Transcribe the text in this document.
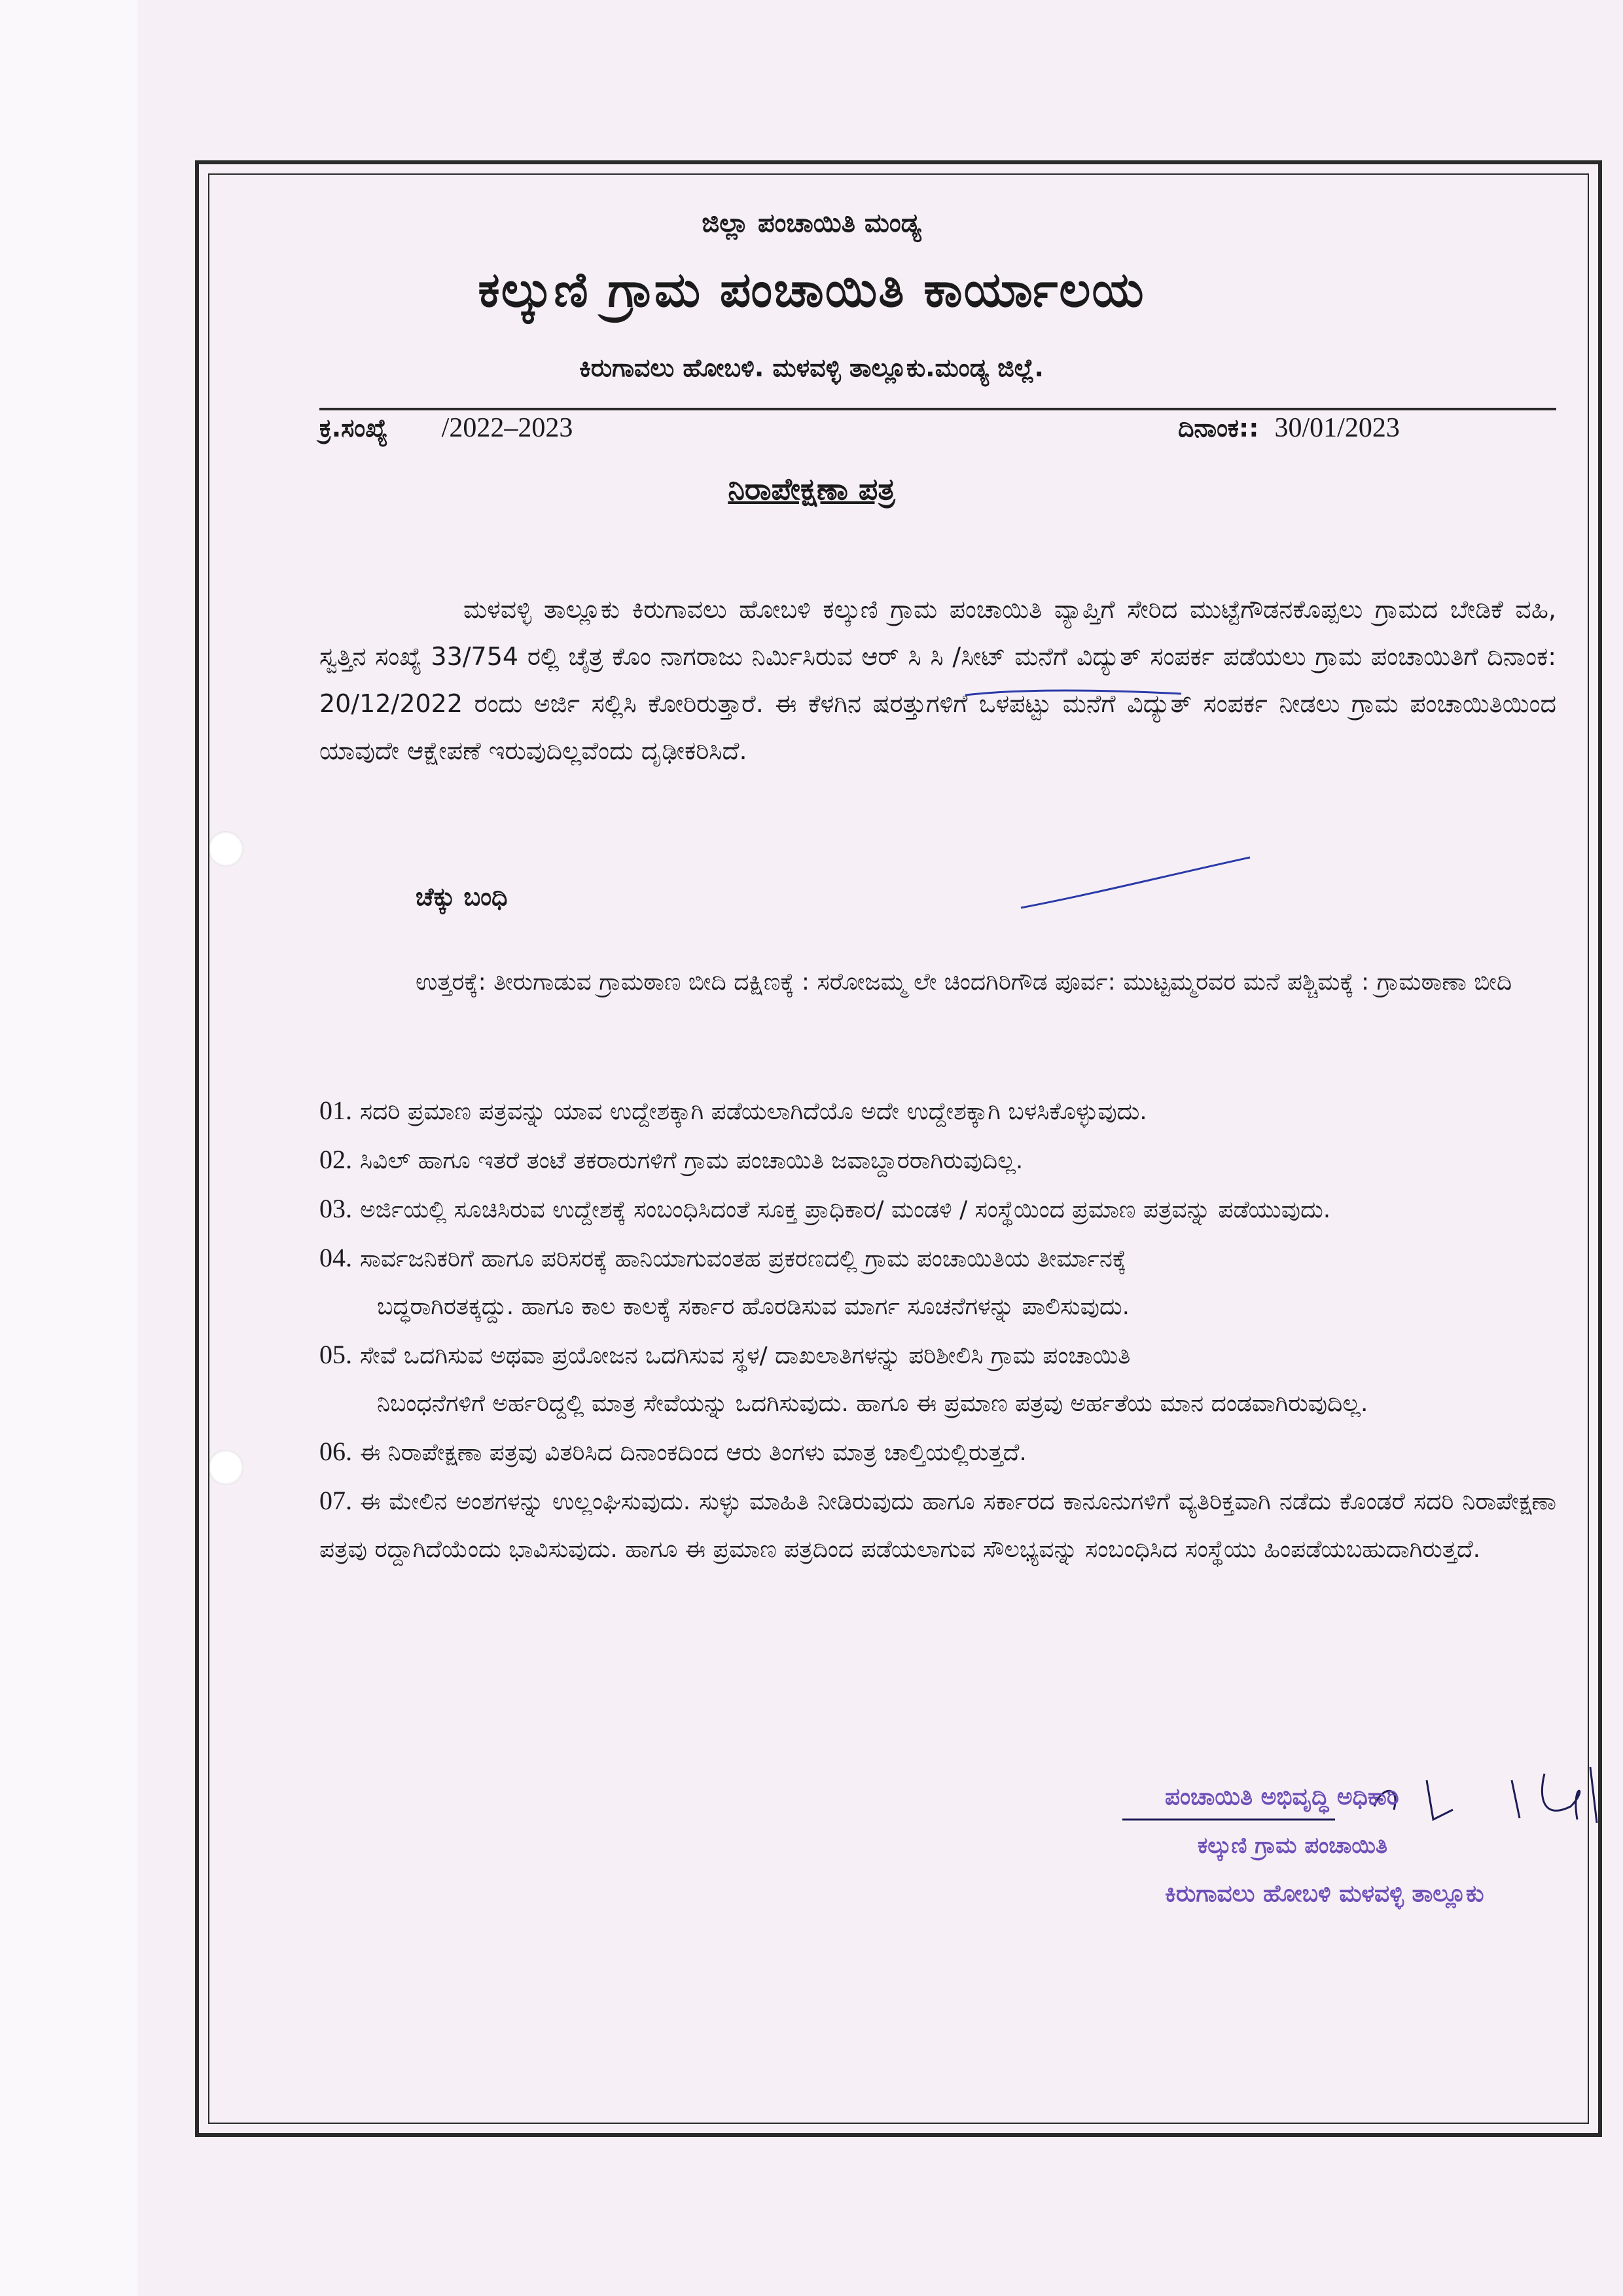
ಜಿಲ್ಲಾ ಪಂಚಾಯಿತಿ ಮಂಡ್ಯ
ಕಲ್ಕುಣಿ ಗ್ರಾಮ ಪಂಚಾಯಿತಿ ಕಾರ್ಯಾಲಯ
ಕಿರುಗಾವಲು ಹೋಬಳಿ. ಮಳವಳ್ಳಿ ತಾಲ್ಲೂಕು.ಮಂಡ್ಯ ಜಿಲ್ಲೆ.
ಕ್ರ.ಸಂಖ್ಯೆ /2022–2023	ದಿನಾಂಕ:: 30/01/2023
ನಿರಾಪೇಕ್ಷಣಾ ಪತ್ರ

ಮಳವಳ್ಳಿ ತಾಲ್ಲೂಕು ಕಿರುಗಾವಲು ಹೋಬಳಿ ಕಲ್ಕುಣಿ ಗ್ರಾಮ ಪಂಚಾಯಿತಿ ವ್ಯಾಪ್ತಿಗೆ ಸೇರಿದ ಮುಟ್ಟೆಗೌಡನಕೊಪ್ಪಲು ಗ್ರಾಮದ ಬೇಡಿಕೆ ವಹಿ, ಸ್ವತ್ತಿನ ಸಂಖ್ಯೆ 33/754 ರಲ್ಲಿ ಚೈತ್ರ ಕೊಂ ನಾಗರಾಜು ನಿರ್ಮಿಸಿರುವ ಆರ್ ಸಿ ಸಿ /ಸೀಟ್ ಮನೆಗೆ ವಿದ್ಯುತ್ ಸಂಪರ್ಕ ಪಡೆಯಲು ಗ್ರಾಮ ಪಂಚಾಯಿತಿಗೆ ದಿನಾಂಕ: 20/12/2022 ರಂದು ಅರ್ಜಿ ಸಲ್ಲಿಸಿ ಕೋರಿರುತ್ತಾರೆ. ಈ ಕೆಳಗಿನ ಷರತ್ತುಗಳಿಗೆ ಒಳಪಟ್ಟು ಮನೆಗೆ ವಿದ್ಯುತ್ ಸಂಪರ್ಕ ನೀಡಲು ಗ್ರಾಮ ಪಂಚಾಯಿತಿಯಿಂದ ಯಾವುದೇ ಆಕ್ಷೇಪಣೆ ಇರುವುದಿಲ್ಲವೆಂದು ದೃಢೀಕರಿಸಿದೆ.

ಚೆಕ್ಕು ಬಂಧಿ

ಉತ್ತರಕ್ಕೆ: ತೀರುಗಾಡುವ ಗ್ರಾಮಠಾಣ ಬೀದಿ ದಕ್ಷಿಣಕ್ಕೆ : ಸರೋಜಮ್ಮ ಲೇ ಚಿಂದಗಿರಿಗೌಡ ಪೂರ್ವ: ಮುಟ್ಟಮ್ಮರವರ ಮನೆ ಪಶ್ಚಿಮಕ್ಕೆ : ಗ್ರಾಮಠಾಣಾ ಬೀದಿ

01. ಸದರಿ ಪ್ರಮಾಣ ಪತ್ರವನ್ನು ಯಾವ ಉದ್ದೇಶಕ್ಕಾಗಿ ಪಡೆಯಲಾಗಿದೆಯೊ ಅದೇ ಉದ್ದೇಶಕ್ಕಾಗಿ ಬಳಸಿಕೊಳ್ಳುವುದು.

02. ಸಿವಿಲ್ ಹಾಗೂ ಇತರೆ ತಂಟೆ ತಕರಾರುಗಳಿಗೆ ಗ್ರಾಮ ಪಂಚಾಯಿತಿ ಜವಾಬ್ದಾರರಾಗಿರುವುದಿಲ್ಲ.

03. ಅರ್ಜಿಯಲ್ಲಿ ಸೂಚಿಸಿರುವ ಉದ್ದೇಶಕ್ಕೆ ಸಂಬಂಧಿಸಿದಂತೆ ಸೂಕ್ತ ಪ್ರಾಧಿಕಾರ/ ಮಂಡಳಿ / ಸಂಸ್ಥೆಯಿಂದ ಪ್ರಮಾಣ ಪತ್ರವನ್ನು ಪಡೆಯುವುದು.

04. ಸಾರ್ವಜನಿಕರಿಗೆ ಹಾಗೂ ಪರಿಸರಕ್ಕೆ ಹಾನಿಯಾಗುವಂತಹ ಪ್ರಕರಣದಲ್ಲಿ ಗ್ರಾಮ ಪಂಚಾಯಿತಿಯ ತೀರ್ಮಾನಕ್ಕೆ

ಬದ್ಧರಾಗಿರತಕ್ಕದ್ದು. ಹಾಗೂ ಕಾಲ ಕಾಲಕ್ಕೆ ಸರ್ಕಾರ ಹೊರಡಿಸುವ ಮಾರ್ಗ ಸೂಚನೆಗಳನ್ನು ಪಾಲಿಸುವುದು.

05. ಸೇವೆ ಒದಗಿಸುವ ಅಥವಾ ಪ್ರಯೋಜನ ಒದಗಿಸುವ ಸ್ಥಳ/ ದಾಖಲಾತಿಗಳನ್ನು ಪರಿಶೀಲಿಸಿ ಗ್ರಾಮ ಪಂಚಾಯಿತಿ

ನಿಬಂಧನೆಗಳಿಗೆ ಅರ್ಹರಿದ್ದಲ್ಲಿ ಮಾತ್ರ ಸೇವೆಯನ್ನು ಒದಗಿಸುವುದು. ಹಾಗೂ ಈ ಪ್ರಮಾಣ ಪತ್ರವು ಅರ್ಹತೆಯ ಮಾನ ದಂಡವಾಗಿರುವುದಿಲ್ಲ.

06. ಈ ನಿರಾಪೇಕ್ಷಣಾ ಪತ್ರವು ವಿತರಿಸಿದ ದಿನಾಂಕದಿಂದ ಆರು ತಿಂಗಳು ಮಾತ್ರ ಚಾಲ್ತಿಯಲ್ಲಿರುತ್ತದೆ.

07. ಈ ಮೇಲಿನ ಅಂಶಗಳನ್ನು ಉಲ್ಲಂಘಿಸುವುದು. ಸುಳ್ಳು ಮಾಹಿತಿ ನೀಡಿರುವುದು ಹಾಗೂ ಸರ್ಕಾರದ ಕಾನೂನುಗಳಿಗೆ ವ್ಯತಿರಿಕ್ತವಾಗಿ ನಡೆದು ಕೊಂಡರೆ ಸದರಿ ನಿರಾಪೇಕ್ಷಣಾ ಪತ್ರವು ರದ್ದಾಗಿದೆಯೆಂದು ಭಾವಿಸುವುದು. ಹಾಗೂ ಈ ಪ್ರಮಾಣ ಪತ್ರದಿಂದ ಪಡೆಯಲಾಗುವ ಸೌಲಭ್ಯವನ್ನು ಸಂಬಂಧಿಸಿದ ಸಂಸ್ಥೆಯು ಹಿಂಪಡೆಯಬಹುದಾಗಿರುತ್ತದೆ.

ಪಂಚಾಯಿತಿ ಅಭಿವೃದ್ಧಿ ಅಧಿಕಾರಿ
ಕಲ್ಕುಣಿ ಗ್ರಾಮ ಪಂಚಾಯಿತಿ
ಕಿರುಗಾವಲು ಹೋಬಳಿ ಮಳವಳ್ಳಿ ತಾಲ್ಲೂಕು
